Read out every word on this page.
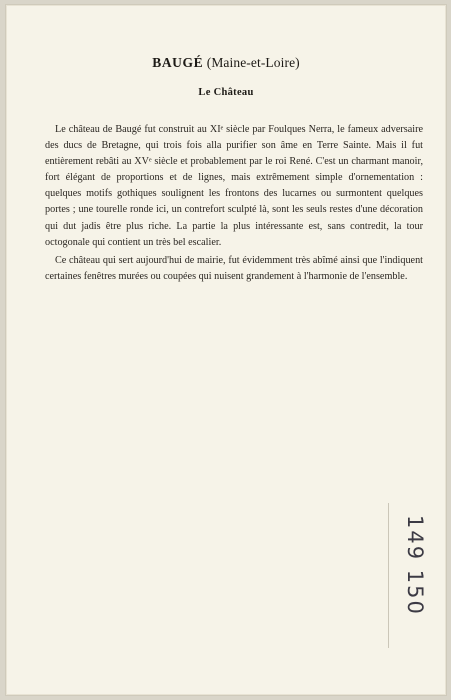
BAUGÉ (Maine-et-Loire)
Le Château

Le château de Baugé fut construit au XIᵉ siècle par Foulques Nerra, le fameux adversaire des ducs de Bretagne, qui trois fois alla purifier son âme en Terre Sainte. Mais il fut entièrement rebâti au XVᵉ siècle et probablement par le roi René. C'est un charmant manoir, fort élégant de proportions et de lignes, mais extrêmement simple d'ornementation : quelques motifs gothiques soulignent les frontons des lucarnes ou surmontent quelques portes ; une tourelle ronde ici, un contrefort sculpté là, sont les seuls restes d'une décoration qui dut jadis être plus riche. La partie la plus intéressante est, sans contredit, la tour octogonale qui contient un très bel escalier.

Ce château qui sert aujourd'hui de mairie, fut évidemment très abîmé ainsi que l'indiquent certaines fenêtres murées ou coupées qui nuisent grandement à l'harmonie de l'ensemble.

149 150
